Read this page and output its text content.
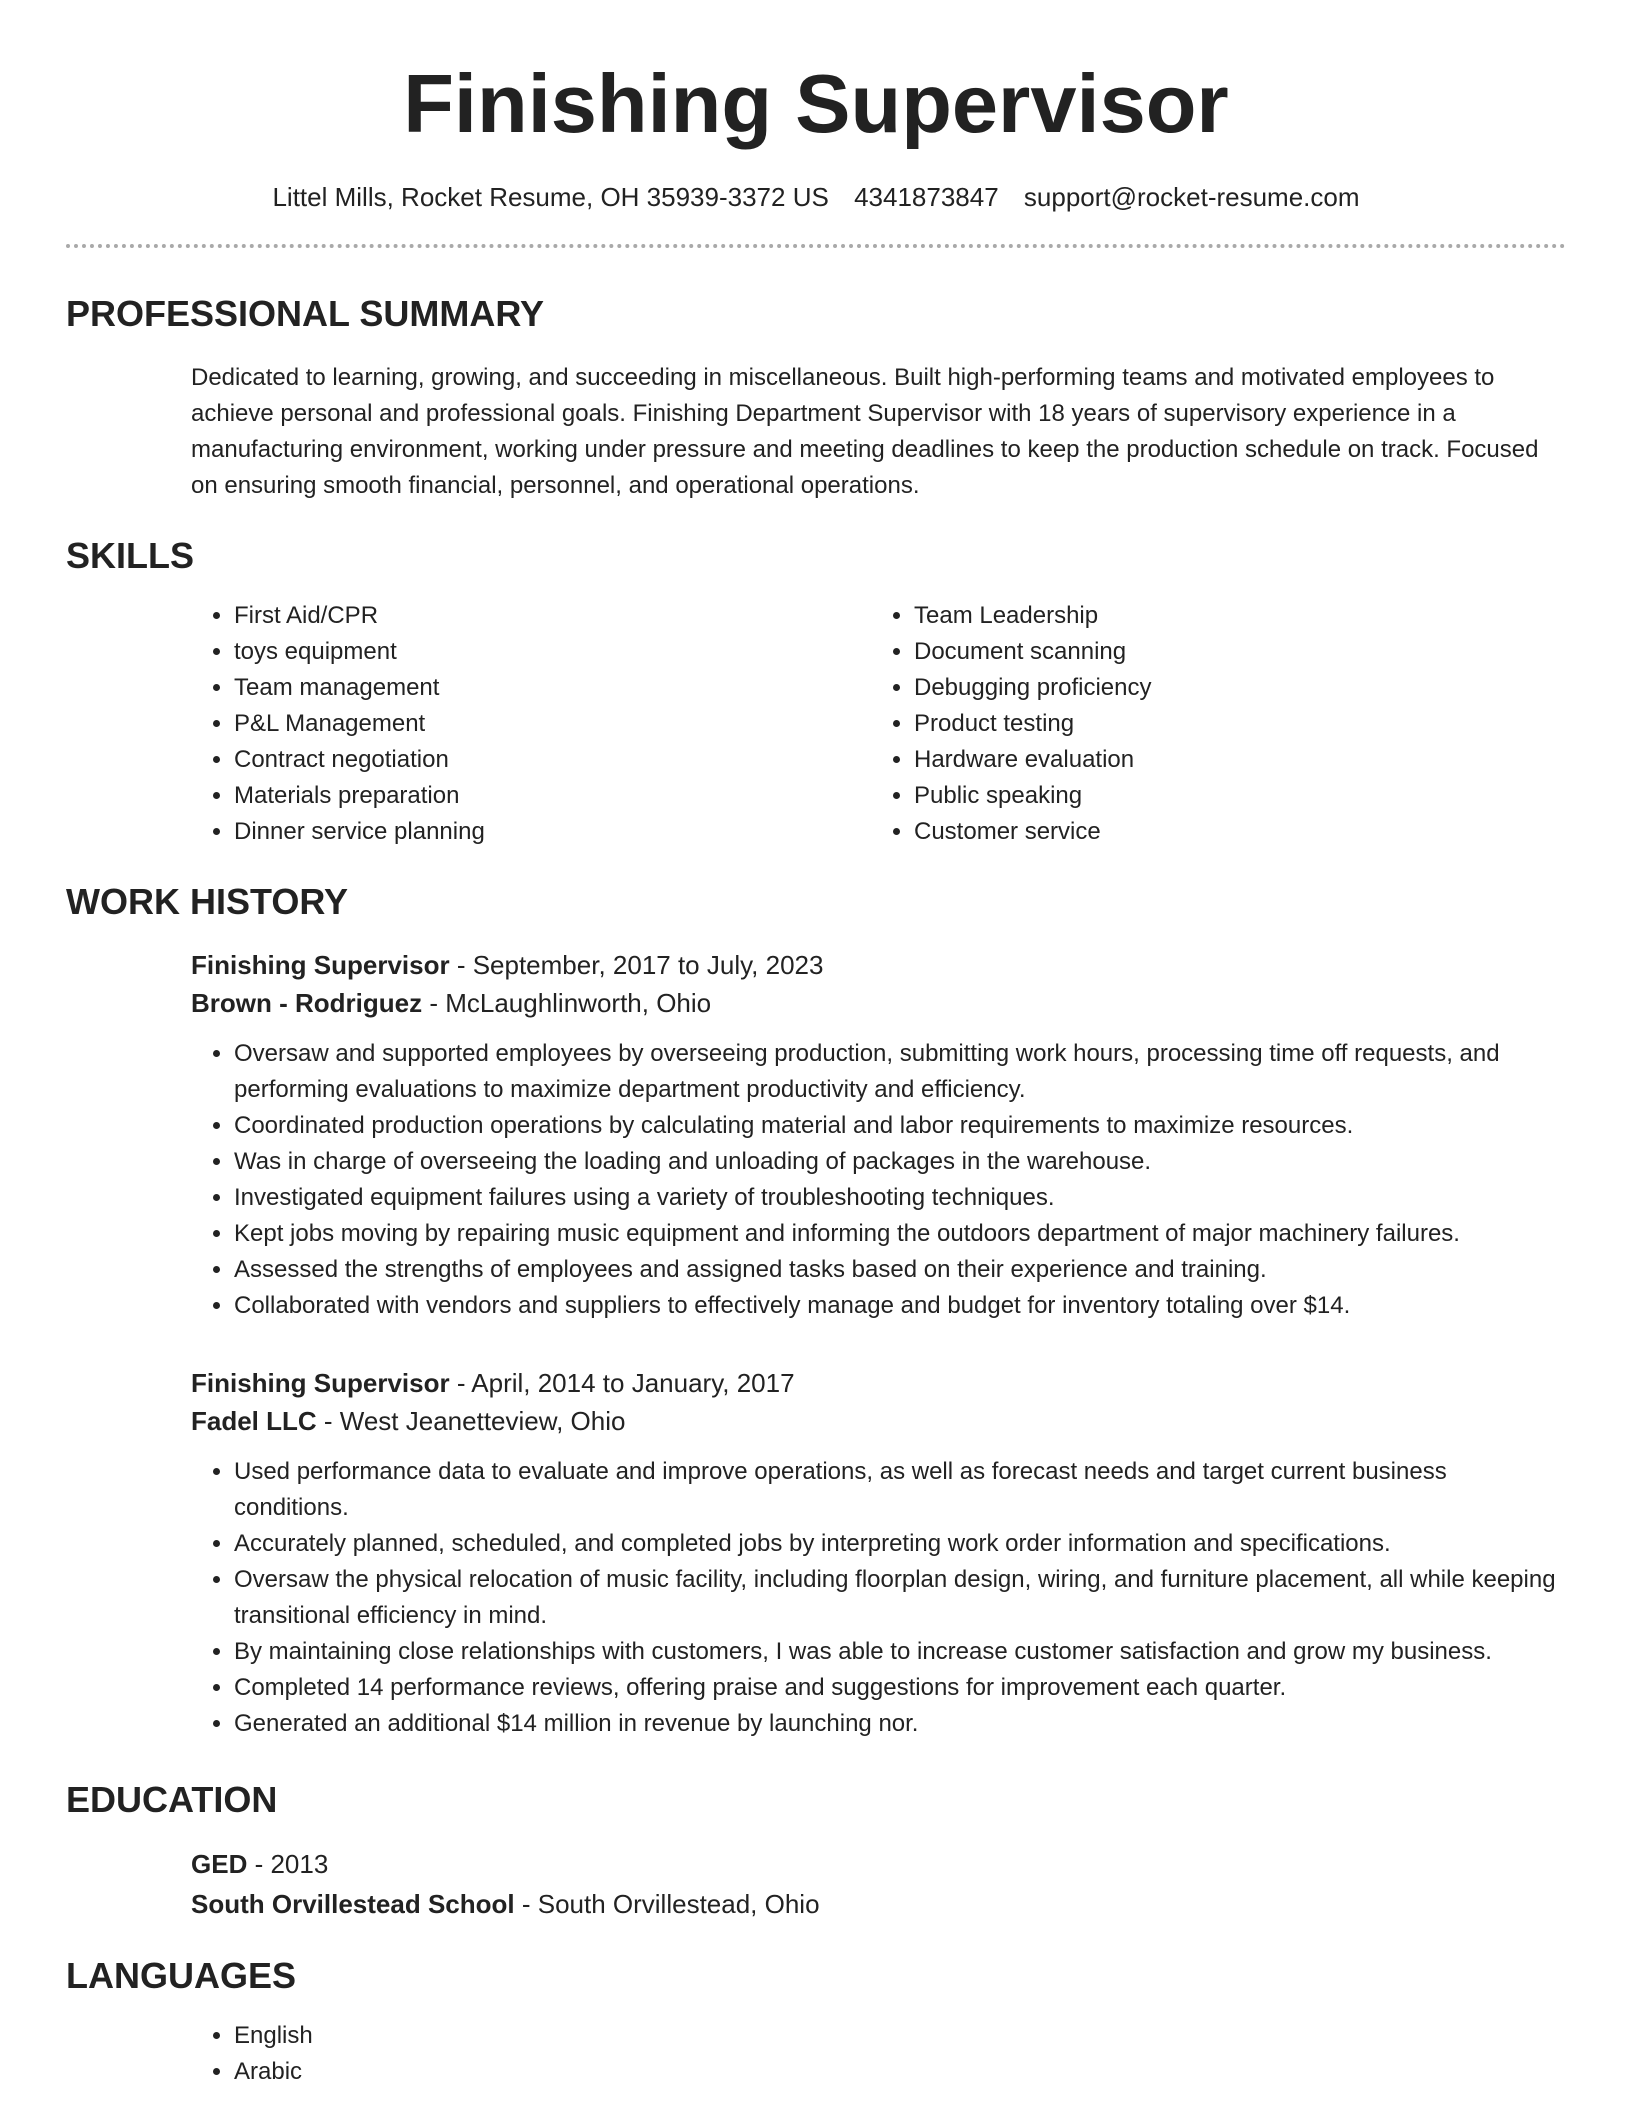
Finishing Supervisor
Littel Mills, Rocket Resume, OH 35939-3372 US 4341873847 support@rocket-resume.com
PROFESSIONAL SUMMARY

Dedicated to learning, growing, and succeeding in miscellaneous. Built high-performing teams and motivated employees to achieve personal and professional goals. Finishing Department Supervisor with 18 years of supervisory experience in a manufacturing environment, working under pressure and meeting deadlines to keep the production schedule on track. Focused on ensuring smooth financial, personnel, and operational operations.

SKILLS
• First Aid/CPR
• toys equipment
• Team management
• P&L Management
• Contract negotiation
• Materials preparation
• Dinner service planning
• Team Leadership
• Document scanning
• Debugging proficiency
• Product testing
• Hardware evaluation
• Public speaking
• Customer service
WORK HISTORY
Finishing Supervisor - September, 2017 to July, 2023
Brown - Rodriguez - McLaughlinworth, Ohio
• Oversaw and supported employees by overseeing production, submitting work hours, processing time off requests, and performing evaluations to maximize department productivity and efficiency.
• Coordinated production operations by calculating material and labor requirements to maximize resources.
• Was in charge of overseeing the loading and unloading of packages in the warehouse.
• Investigated equipment failures using a variety of troubleshooting techniques.
• Kept jobs moving by repairing music equipment and informing the outdoors department of major machinery failures.
• Assessed the strengths of employees and assigned tasks based on their experience and training.
• Collaborated with vendors and suppliers to effectively manage and budget for inventory totaling over $14.
Finishing Supervisor - April, 2014 to January, 2017
Fadel LLC - West Jeanetteview, Ohio
• Used performance data to evaluate and improve operations, as well as forecast needs and target current business conditions.
• Accurately planned, scheduled, and completed jobs by interpreting work order information and specifications.
• Oversaw the physical relocation of music facility, including floorplan design, wiring, and furniture placement, all while keeping transitional efficiency in mind.
• By maintaining close relationships with customers, I was able to increase customer satisfaction and grow my business.
• Completed 14 performance reviews, offering praise and suggestions for improvement each quarter.
• Generated an additional $14 million in revenue by launching nor.
EDUCATION
GED - 2013
South Orvillestead School - South Orvillestead, Ohio
LANGUAGES
• English
• Arabic
